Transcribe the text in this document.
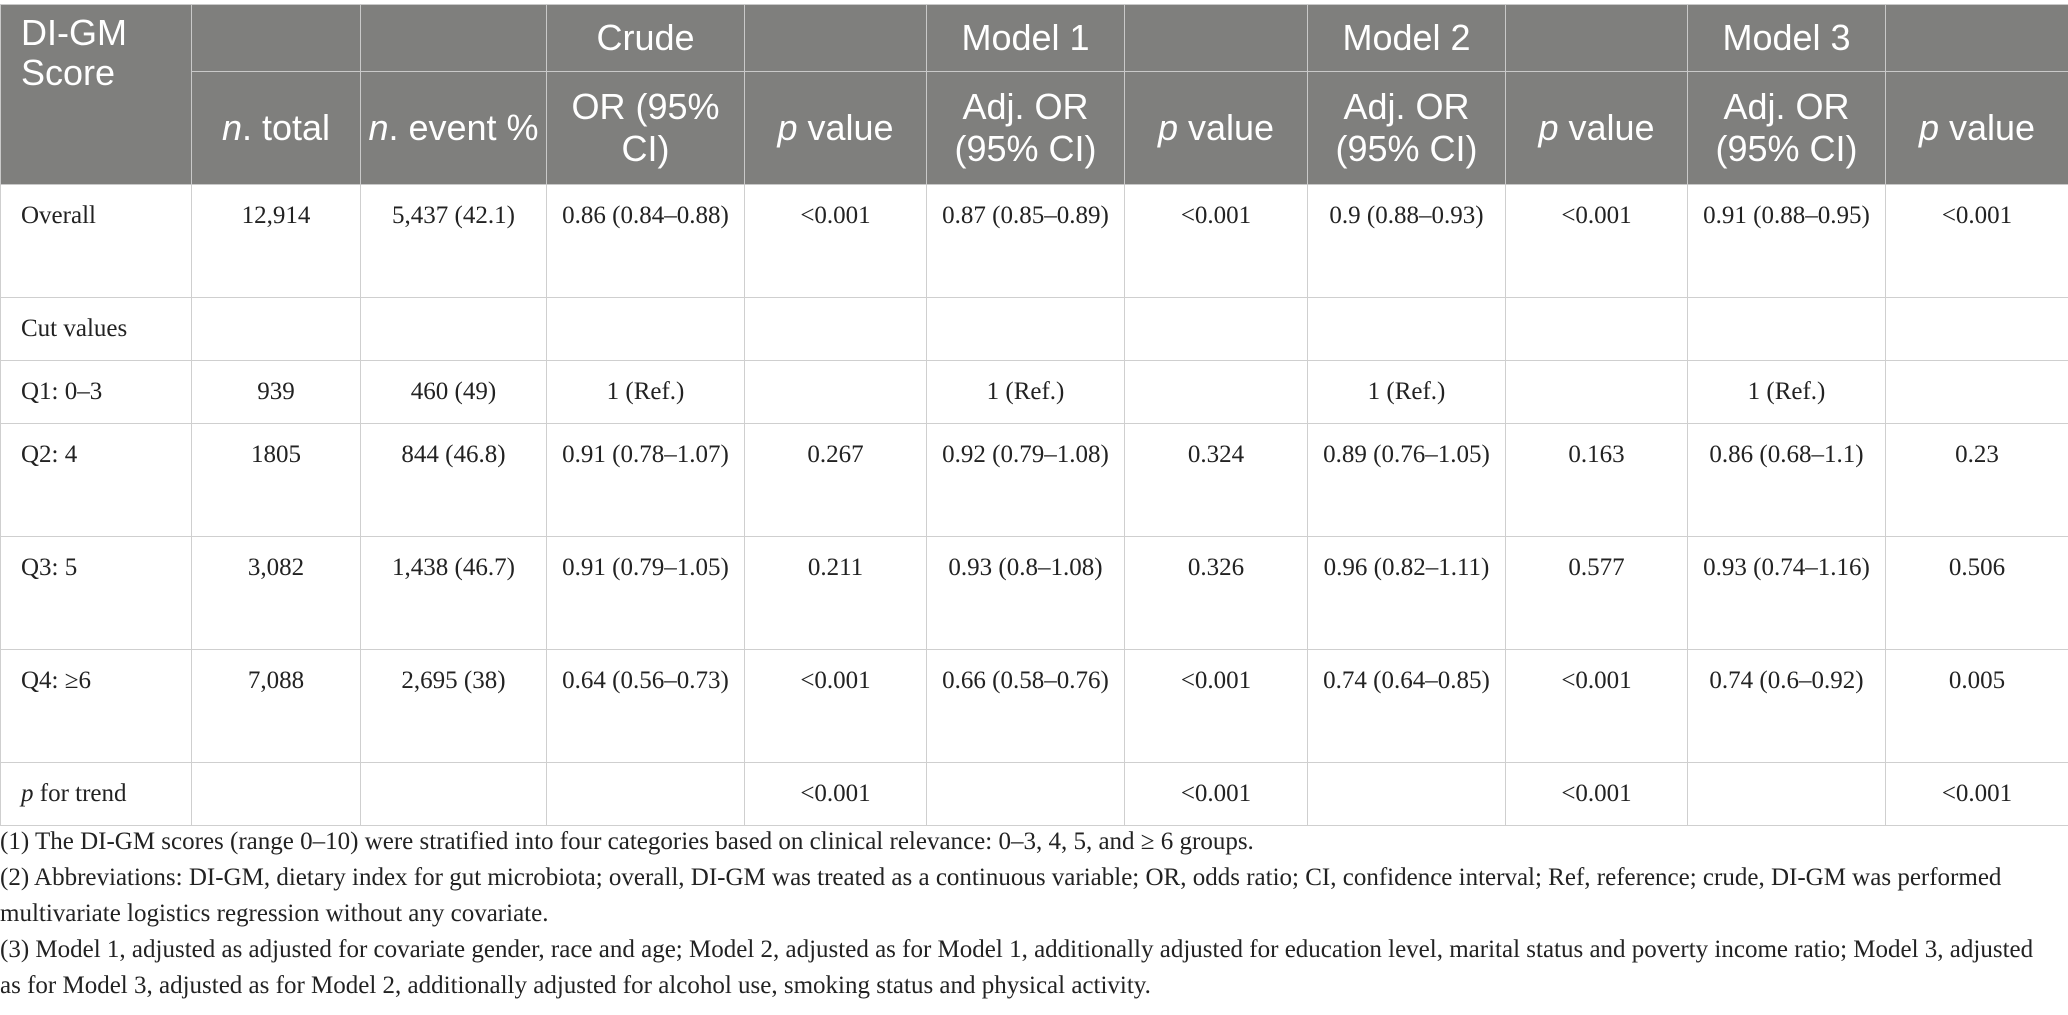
DI-GM Score			Crude		Model 1		Model 2		Model 3	
	n. total	n. event %	OR (95% CI)	p value	Adj. OR (95% CI)	p value	Adj. OR (95% CI)	p value	Adj. OR (95% CI)	p value
Overall	12,914	5,437 (42.1)	0.86 (0.84–0.88)	<0.001	0.87 (0.85–0.89)	<0.001	0.9 (0.88–0.93)	<0.001	0.91 (0.88–0.95)	<0.001
Cut values										
Q1: 0–3	939	460 (49)	1 (Ref.)		1 (Ref.)		1 (Ref.)		1 (Ref.)	
Q2: 4	1805	844 (46.8)	0.91 (0.78–1.07)	0.267	0.92 (0.79–1.08)	0.324	0.89 (0.76–1.05)	0.163	0.86 (0.68–1.1)	0.23
Q3: 5	3,082	1,438 (46.7)	0.91 (0.79–1.05)	0.211	0.93 (0.8–1.08)	0.326	0.96 (0.82–1.11)	0.577	0.93 (0.74–1.16)	0.506
Q4: ≥6	7,088	2,695 (38)	0.64 (0.56–0.73)	<0.001	0.66 (0.58–0.76)	<0.001	0.74 (0.64–0.85)	<0.001	0.74 (0.6–0.92)	0.005
p for trend				<0.001		<0.001		<0.001		<0.001

(1) The DI-GM scores (range 0–10) were stratified into four categories based on clinical relevance: 0–3, 4, 5, and ≥ 6 groups.

(2) Abbreviations: DI-GM, dietary index for gut microbiota; overall, DI-GM was treated as a continuous variable; OR, odds ratio; CI, confidence interval; Ref, reference; crude, DI-GM was performed multivariate logistics regression without any covariate.

(3) Model 1, adjusted as adjusted for covariate gender, race and age; Model 2, adjusted as for Model 1, additionally adjusted for education level, marital status and poverty income ratio; Model 3, adjusted as for Model 3, adjusted as for Model 2, additionally adjusted for alcohol use, smoking status and physical activity.
